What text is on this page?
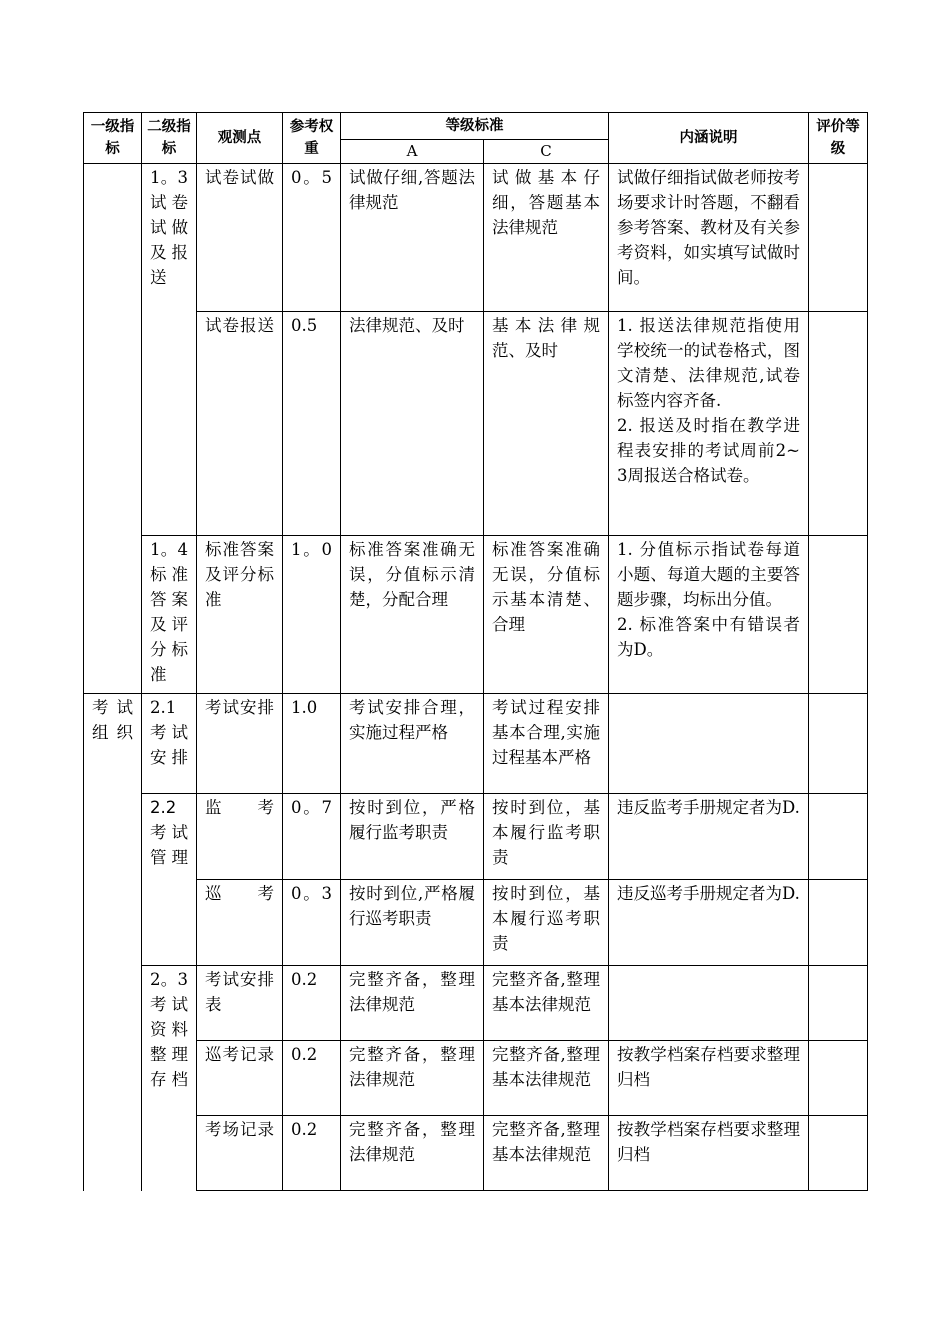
一级指标	二级指标	观测点	参考权重	等级标准		内涵说明	评价等级
				A	C		
	1。3试卷试做及报送	试卷试做	0。5	试做仔细,答题法律规范	试做基本仔细，答题基本法律规范	试做仔细指试做老师按考场要求计时答题，不翻看参考答案、教材及有关参考资料，如实填写试做时间。	
		试卷报送	0.5	法律规范、及时	基本法律规范、及时	1. 报送法律规范指使用学校统一的试卷格式，图文清楚、法律规范,试卷标签内容齐备.
2. 报送及时指在教学进程表安排的考试周前2~3周报送合格试卷。	

	1。4标准答案及评分标准	标准答案及评分标准	1。0	标准答案准确无误，分值标示清楚，分配合理	标准答案准确无误，分值标示基本清楚、合理	1. 分值标示指试卷每道小题、每道大题的主要答题步骤，均标出分值。
2. 标准答案中有错误者为D。	

考试组织	2.1考试安排	考试安排	1.0	考试安排合理，实施过程严格	考试过程安排基本合理,实施过程基本严格		
	2.2考试管理	监考	0。7	按时到位，严格履行监考职责	按时到位，基本履行监考职责	违反监考手册规定者为D.	
		巡考	0。3	按时到位,严格履行巡考职责	按时到位，基本履行巡考职责	违反巡考手册规定者为D.	
	2。3考试资料整理存档	考试安排表	0.2	完整齐备，整理法律规范	完整齐备,整理基本法律规范		
		巡考记录	0.2	完整齐备，整理法律规范	完整齐备,整理基本法律规范	按教学档案存档要求整理归档	
		考场记录	0.2	完整齐备，整理法律规范	完整齐备,整理基本法律规范	按教学档案存档要求整理归档	
